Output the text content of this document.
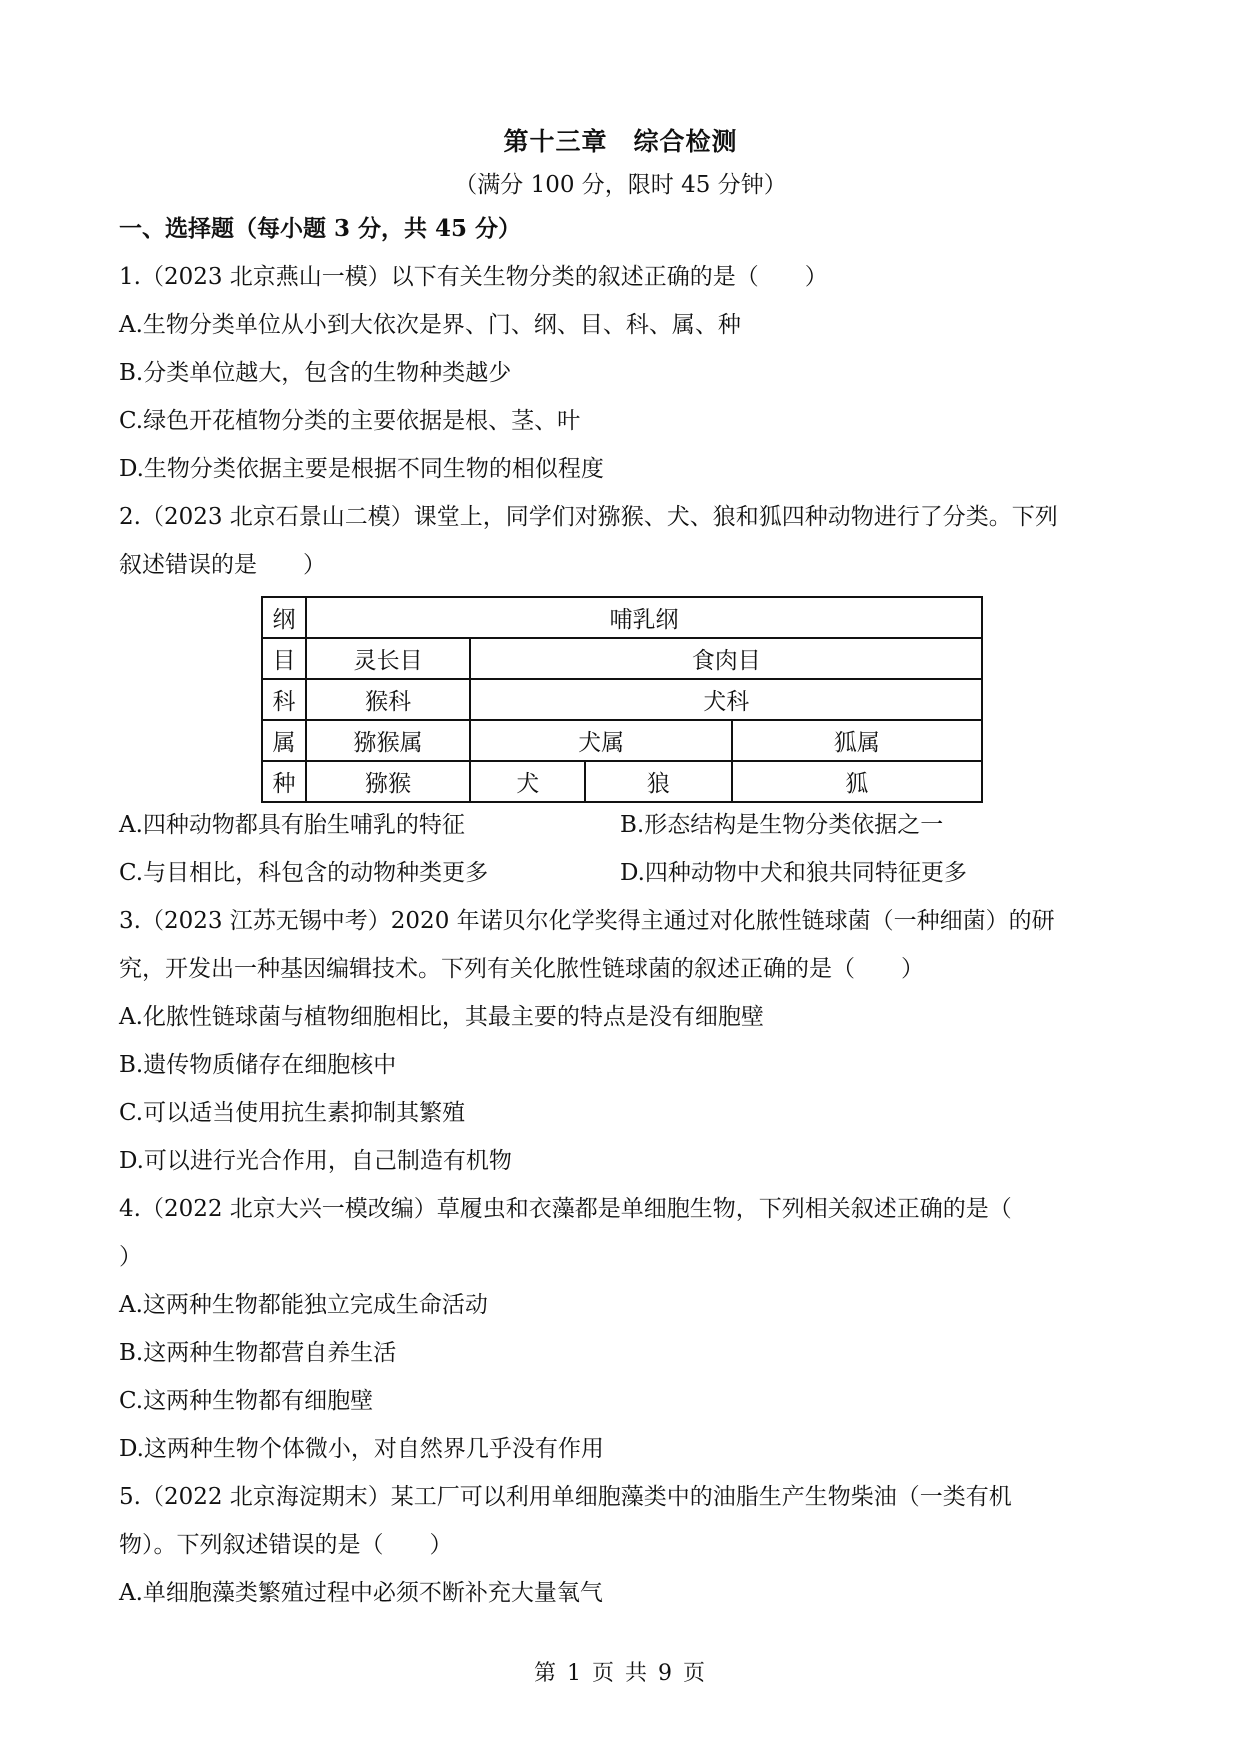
第十三章　综合检测
（满分 100 分，限时 45 分钟）
一、选择题（每小题 3 分，共 45 分）
1.（2023 北京燕山一模）以下有关生物分类的叙述正确的是（　　）
A.生物分类单位从小到大依次是界、门、纲、目、科、属、种
B.分类单位越大，包含的生物种类越少
C.绿色开花植物分类的主要依据是根、茎、叶
D.生物分类依据主要是根据不同生物的相似程度
2.（2023 北京石景山二模）课堂上，同学们对猕猴、犬、狼和狐四种动物进行了分类。下列
叙述错误的是　　）
纲	哺乳纲			
目	灵长目	食肉目		
科	猴科	犬科		
属	猕猴属	犬属		狐属
种	猕猴	犬	狼	狐
A.四种动物都具有胎生哺乳的特征	B.形态结构是生物分类依据之一
C.与目相比，科包含的动物种类更多	D.四种动物中犬和狼共同特征更多
3.（2023 江苏无锡中考）2020 年诺贝尔化学奖得主通过对化脓性链球菌（一种细菌）的研
究，开发出一种基因编辑技术。下列有关化脓性链球菌的叙述正确的是（　　）
A.化脓性链球菌与植物细胞相比，其最主要的特点是没有细胞壁
B.遗传物质储存在细胞核中
C.可以适当使用抗生素抑制其繁殖
D.可以进行光合作用，自己制造有机物
4.（2022 北京大兴一模改编）草履虫和衣藻都是单细胞生物，下列相关叙述正确的是（
）
A.这两种生物都能独立完成生命活动
B.这两种生物都营自养生活
C.这两种生物都有细胞壁
D.这两种生物个体微小，对自然界几乎没有作用
5.（2022 北京海淀期末）某工厂可以利用单细胞藻类中的油脂生产生物柴油（一类有机
物）。下列叙述错误的是（　　）
A.单细胞藻类繁殖过程中必须不断补充大量氧气
第 1 页 共 9 页
